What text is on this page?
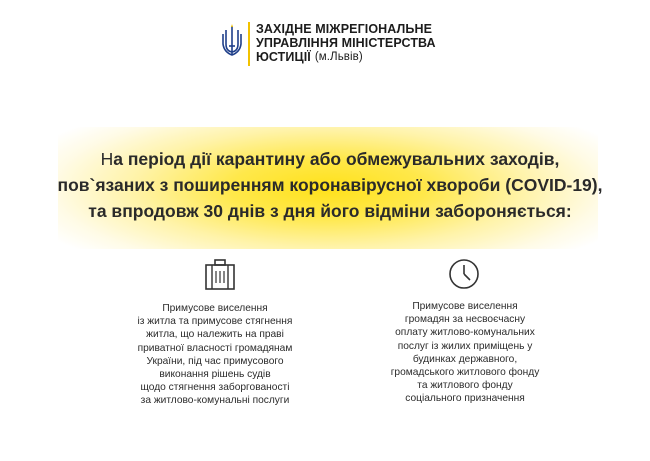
ЗАХІДНЕ МІЖРЕГІОНАЛЬНЕ
УПРАВЛІННЯ МІНІСТЕРСТВА
ЮСТИЦІЇ (м.Львів)
На період дії карантину або обмежувальних заходів, пов`язаних з поширенням коронавірусної хвороби (COVID-19), та впродовж 30 днів з дня його відміни забороняється:
Примусове виселення
із житла та примусове стягнення
житла, що належить на праві
приватної власності громадянам
України, під час примусового
виконання рішень судів
щодо стягнення заборгованості
за житлово-комунальні послуги
Примусове виселення
громадян за несвоєчасну
оплату житлово-комунальних
послуг із жилих приміщень у
будинках державного,
громадського житлового фонду
та житлового фонду
соціального призначення
